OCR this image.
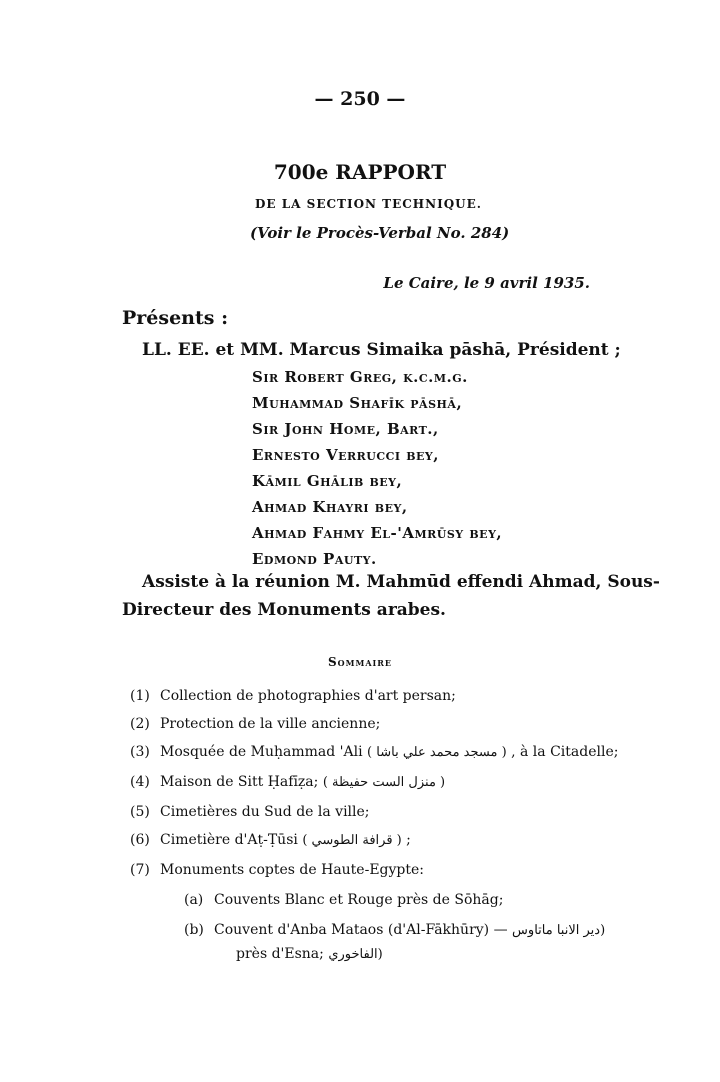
— 250 —
700e RAPPORT
DE LA SECTION TECHNIQUE.
(Voir le Procès-Verbal No. 284)
Le Caire, le 9 avril 1935.
Présents :
LL. EE. et MM. Marcus Simaika pāshā, Président ;
Sir Robert Greg, k.c.m.g.
Muhammad Shafīk pāshā,
Sir John Home, Bart.,
Ernesto Verrucci bey,
Kāmil Ghālib bey,
Ahmad Khayri bey,
Ahmad Fahmy El-'Amrūsy bey,
Edmond Pauty.
Assiste à la réunion M. Mahmūd effendi Ahmad, Sous-
Directeur des Monuments arabes.
Sommaire
(1) Collection de photographies d'art persan;
(2) Protection de la ville ancienne;
(3) Mosquée de Muḥammad 'Ali ( مسجد محمد علي باشا ) , à la Citadelle;
(4) Maison de Sitt Ḥafīẓa; ( منزل الست حفيظة )
(5) Cimetières du Sud de la ville;
(6) Cimetière d'Aṭ-Ṭūsi ( قرافة الطوسي ) ;
(7) Monuments coptes de Haute-Egypte:
(a) Couvents Blanc et Rouge près de Sōhāg;
(b) Couvent d'Anba Mataos (d'Al-Fākhūry) — (دير الانبا ماتاوس
près d'Esna; (الفاخوري
